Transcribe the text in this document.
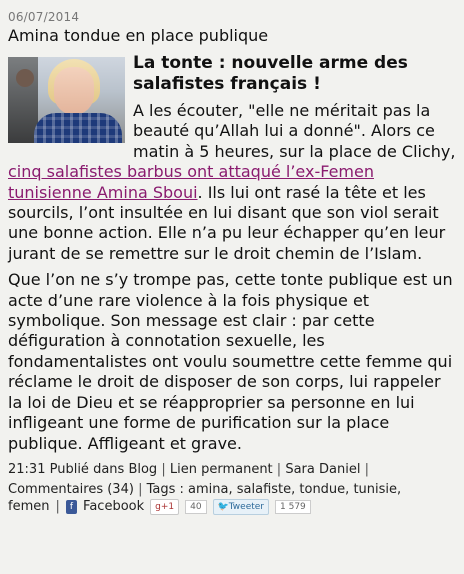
06/07/2014
Amina tondue en place publique
La tonte : nouvelle arme des salafistes français !

A les écouter, "elle ne méritait pas la beauté qu’Allah lui a donné". Alors ce matin à 5 heures, sur la place de Clichy, cinq salafistes barbus ont attaqué l’ex-Femen tunisienne Amina Sboui. Ils lui ont rasé la tête et les sourcils, l’ont insultée en lui disant que son viol serait une bonne action. Elle n’a pu leur échapper qu’en leur jurant de se remettre sur le droit chemin de l’Islam.

Que l’on ne s’y trompe pas, cette tonte publique est un acte d’une rare violence à la fois physique et symbolique. Son message est clair : par cette défiguration à connotation sexuelle, les fondamentalistes ont voulu soumettre cette femme qui réclame le droit de disposer de son corps, lui rappeler la loi de Dieu et se réapproprier sa personne en lui infligeant une forme de purification sur la place publique. Affligeant et grave.

21:31 Publié dans Blog | Lien permanent | Sara Daniel |
Commentaires (34) | Tags : amina, salafiste, tondue, tunisie,
femen |	f Facebook g+1	40	🐦 Tweeter	1 579
